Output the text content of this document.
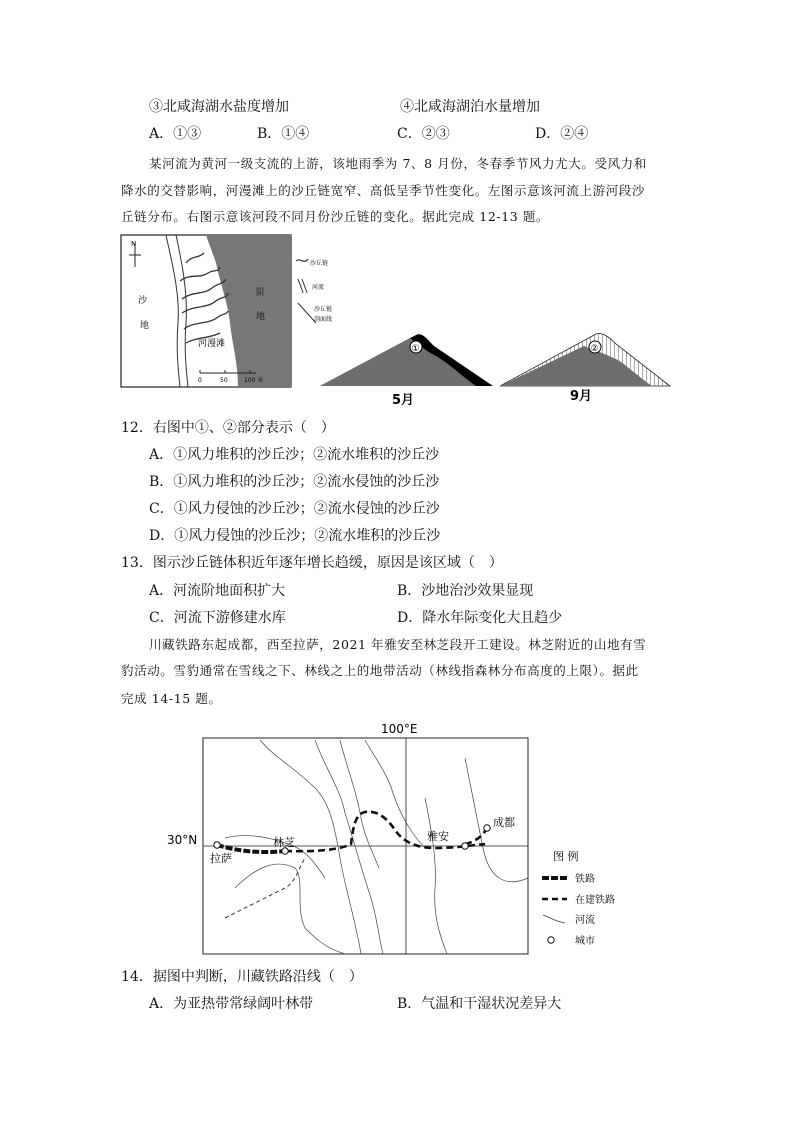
③北咸海湖水盐度增加	④北咸海湖泊水量增加
A．①③	B．①④	C．②③	D．②④
某河流为黄河一级支流的上游，该地雨季为 7、8 月份，冬春季节风力尤大。受风力和
降水的交替影响，河漫滩上的沙丘链宽窄、高低呈季节性变化。左图示意该河流上游河段沙
丘链分布。右图示意该河段不同月份沙丘链的变化。据此完成 12-13 题。
N
沙
地
阶
地
河漫滩
0	50	100 米
沙丘链
河流
沙丘链
剖面线
①
5月
②
9月
12．右图中①、②部分表示（　）
A．①风力堆积的沙丘沙；②流水堆积的沙丘沙
B．①风力堆积的沙丘沙；②流水侵蚀的沙丘沙
C．①风力侵蚀的沙丘沙；②流水侵蚀的沙丘沙
D．①风力侵蚀的沙丘沙；②流水堆积的沙丘沙
13．图示沙丘链体积近年逐年增长趋缓，原因是该区域（　）
A．河流阶地面积扩大	B．沙地治沙效果显现
C．河流下游修建水库	D．降水年际变化大且趋少
川藏铁路东起成都，西至拉萨，2021 年雅安至林芝段开工建设。林芝附近的山地有雪
豹活动。雪豹通常在雪线之下、林线之上的地带活动（林线指森林分布高度的上限）。据此
完成 14-15 题。
100°E
30°N
拉萨
林芝	雅安
成都
图 例
铁路
在建铁路
河流
城市
14．据图中判断，川藏铁路沿线（　）
A．为亚热带常绿阔叶林带	B．气温和干湿状况差异大
